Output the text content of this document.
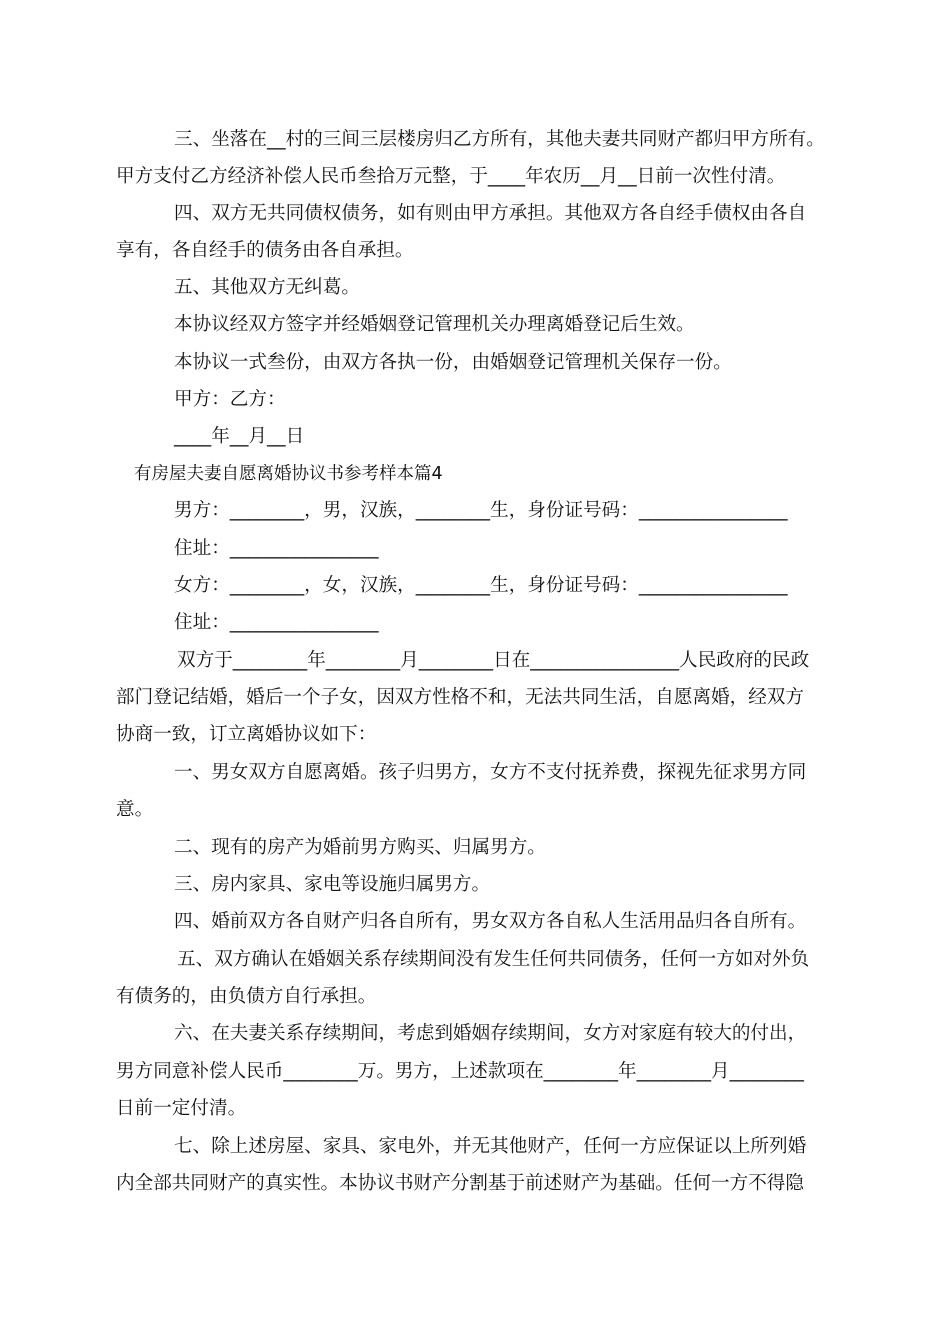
三、坐落在__村的三间三层楼房归乙方所有，其他夫妻共同财产都归甲方所有。
甲方支付乙方经济补偿人民币叁拾万元整，于____年农历__月__日前一次性付清。
四、双方无共同债权债务，如有则由甲方承担。其他双方各自经手债权由各自
享有，各自经手的债务由各自承担。
五、其他双方无纠葛。
本协议经双方签字并经婚姻登记管理机关办理离婚登记后生效。
本协议一式叁份，由双方各执一份，由婚姻登记管理机关保存一份。
甲方：乙方：
____年__月__日
有房屋夫妻自愿离婚协议书参考样本篇4
男方：________，男，汉族，________生，身份证号码：________________
住址：________________
女方：________，女，汉族，________生，身份证号码：________________
住址：________________
双方于________年________月________日在________________人民政府的民政
部门登记结婚，婚后一个子女，因双方性格不和，无法共同生活，自愿离婚，经双方
协商一致，订立离婚协议如下：
一、男女双方自愿离婚。孩子归男方，女方不支付抚养费，探视先征求男方同
意。
二、现有的房产为婚前男方购买、归属男方。
三、房内家具、家电等设施归属男方。
四、婚前双方各自财产归各自所有，男女双方各自私人生活用品归各自所有。
五、双方确认在婚姻关系存续期间没有发生任何共同债务，任何一方如对外负
有债务的，由负债方自行承担。
六、在夫妻关系存续期间，考虑到婚姻存续期间，女方对家庭有较大的付出，
男方同意补偿人民币________万。男方，上述款项在________年________月________
日前一定付清。
七、除上述房屋、家具、家电外，并无其他财产，任何一方应保证以上所列婚
内全部共同财产的真实性。本协议书财产分割基于前述财产为基础。任何一方不得隐
